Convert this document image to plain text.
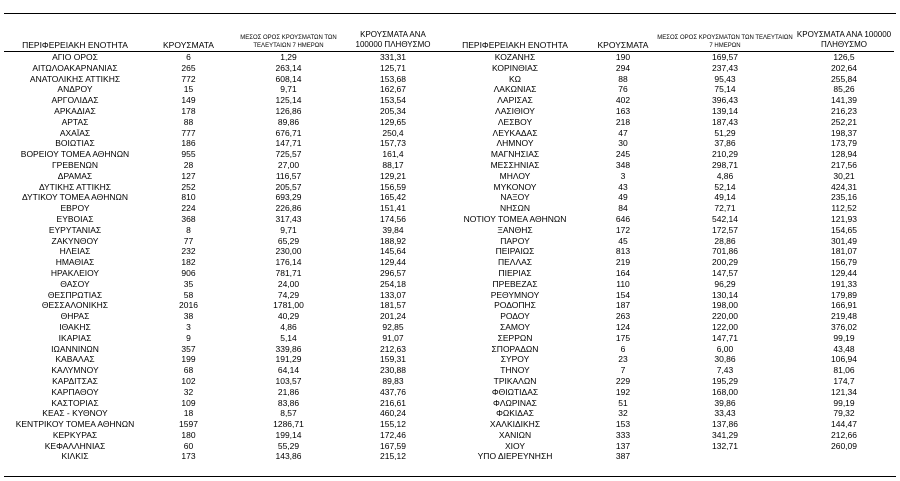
ΠΕΡΙΦΕΡΕΙΑΚΗ ΕΝΟΤΗΤΑ	ΚΡΟΥΣΜΑΤΑ	ΜΕΣΟΣ ΟΡΟΣ ΚΡΟΥΣΜΑΤΩΝ ΤΩΝ ΤΕΛΕΥΤΑΙΩΝ 7 ΗΜΕΡΩΝ	ΚΡΟΥΣΜΑΤΑ ΑΝΑ 100000 ΠΛΗΘΥΣΜΟ	ΠΕΡΙΦΕΡΕΙΑΚΗ ΕΝΟΤΗΤΑ	ΚΡΟΥΣΜΑΤΑ	ΜΕΣΟΣ ΟΡΟΣ ΚΡΟΥΣΜΑΤΩΝ ΤΩΝ ΤΕΛΕΥΤΑΙΩΝ 7 ΗΜΕΡΩΝ	ΚΡΟΥΣΜΑΤΑ ΑΝΑ 100000 ΠΛΗΘΥΣΜΟ
ΑΓΙΟ ΟΡΟΣ	6	1,29	331,31	ΚΟΖΑΝΗΣ	190	169,57	126,5
ΑΙΤΩΛΟΑΚΑΡΝΑΝΙΑΣ	265	263,14	125,71	ΚΟΡΙΝΘΙΑΣ	294	237,43	202,64
ΑΝΑΤΟΛΙΚΗΣ ΑΤΤΙΚΗΣ	772	608,14	153,68	ΚΩ	88	95,43	255,84
ΑΝΔΡΟΥ	15	9,71	162,67	ΛΑΚΩΝΙΑΣ	76	75,14	85,26
ΑΡΓΟΛΙΔΑΣ	149	125,14	153,54	ΛΑΡΙΣΑΣ	402	396,43	141,39
ΑΡΚΑΔΙΑΣ	178	126,86	205,34	ΛΑΣΙΘΙΟΥ	163	139,14	216,23
ΑΡΤΑΣ	88	89,86	129,65	ΛΕΣΒΟΥ	218	187,43	252,21
ΑΧΑΪΑΣ	777	676,71	250,4	ΛΕΥΚΑΔΑΣ	47	51,29	198,37
ΒΟΙΩΤΙΑΣ	186	147,71	157,73	ΛΗΜΝΟΥ	30	37,86	173,79
ΒΟΡΕΙΟΥ ΤΟΜΕΑ ΑΘΗΝΩΝ	955	725,57	161,4	ΜΑΓΝΗΣΙΑΣ	245	210,29	128,94
ΓΡΕΒΕΝΩΝ	28	27,00	88,17	ΜΕΣΣΗΝΙΑΣ	348	298,71	217,56
ΔΡΑΜΑΣ	127	116,57	129,21	ΜΗΛΟΥ	3	4,86	30,21
ΔΥΤΙΚΗΣ ΑΤΤΙΚΗΣ	252	205,57	156,59	ΜΥΚΟΝΟΥ	43	52,14	424,31
ΔΥΤΙΚΟΥ ΤΟΜΕΑ ΑΘΗΝΩΝ	810	693,29	165,42	ΝΑΞΟΥ	49	49,14	235,16
ΕΒΡΟΥ	224	226,86	151,41	ΝΗΣΩΝ	84	72,71	112,52
ΕΥΒΟΙΑΣ	368	317,43	174,56	ΝΟΤΙΟΥ ΤΟΜΕΑ ΑΘΗΝΩΝ	646	542,14	121,93
ΕΥΡΥΤΑΝΙΑΣ	8	9,71	39,84	ΞΑΝΘΗΣ	172	172,57	154,65
ΖΑΚΥΝΘΟΥ	77	65,29	188,92	ΠΑΡΟΥ	45	28,86	301,49
ΗΛΕΙΑΣ	232	230,00	145,64	ΠΕΙΡΑΙΩΣ	813	701,86	181,07
ΗΜΑΘΙΑΣ	182	176,14	129,44	ΠΕΛΛΑΣ	219	200,29	156,79
ΗΡΑΚΛΕΙΟΥ	906	781,71	296,57	ΠΙΕΡΙΑΣ	164	147,57	129,44
ΘΑΣΟΥ	35	24,00	254,18	ΠΡΕΒΕΖΑΣ	110	96,29	191,33
ΘΕΣΠΡΩΤΙΑΣ	58	74,29	133,07	ΡΕΘΥΜΝΟΥ	154	130,14	179,89
ΘΕΣΣΑΛΟΝΙΚΗΣ	2016	1781,00	181,57	ΡΟΔΟΠΗΣ	187	198,00	166,91
ΘΗΡΑΣ	38	40,29	201,24	ΡΟΔΟΥ	263	220,00	219,48
ΙΘΑΚΗΣ	3	4,86	92,85	ΣΑΜΟΥ	124	122,00	376,02
ΙΚΑΡΙΑΣ	9	5,14	91,07	ΣΕΡΡΩΝ	175	147,71	99,19
ΙΩΑΝΝΙΝΩΝ	357	339,86	212,63	ΣΠΟΡΑΔΩΝ	6	6,00	43,48
ΚΑΒΑΛΑΣ	199	191,29	159,31	ΣΥΡΟΥ	23	30,86	106,94
ΚΑΛΥΜΝΟΥ	68	64,14	230,88	ΤΗΝΟΥ	7	7,43	81,06
ΚΑΡΔΙΤΣΑΣ	102	103,57	89,83	ΤΡΙΚΑΛΩΝ	229	195,29	174,7
ΚΑΡΠΑΘΟΥ	32	21,86	437,76	ΦΘΙΩΤΙΔΑΣ	192	168,00	121,34
ΚΑΣΤΟΡΙΑΣ	109	83,86	216,61	ΦΛΩΡΙΝΑΣ	51	39,86	99,19
ΚΕΑΣ - ΚΥΘΝΟΥ	18	8,57	460,24	ΦΩΚΙΔΑΣ	32	33,43	79,32
ΚΕΝΤΡΙΚΟΥ ΤΟΜΕΑ ΑΘΗΝΩΝ	1597	1286,71	155,12	ΧΑΛΚΙΔΙΚΗΣ	153	137,86	144,47
ΚΕΡΚΥΡΑΣ	180	199,14	172,46	ΧΑΝΙΩΝ	333	341,29	212,66
ΚΕΦΑΛΛΗΝΙΑΣ	60	55,29	167,59	ΧΙΟΥ	137	132,71	260,09
ΚΙΛΚΙΣ	173	143,86	215,12	ΥΠΟ ΔΙΕΡΕΥΝΗΣΗ	387		
